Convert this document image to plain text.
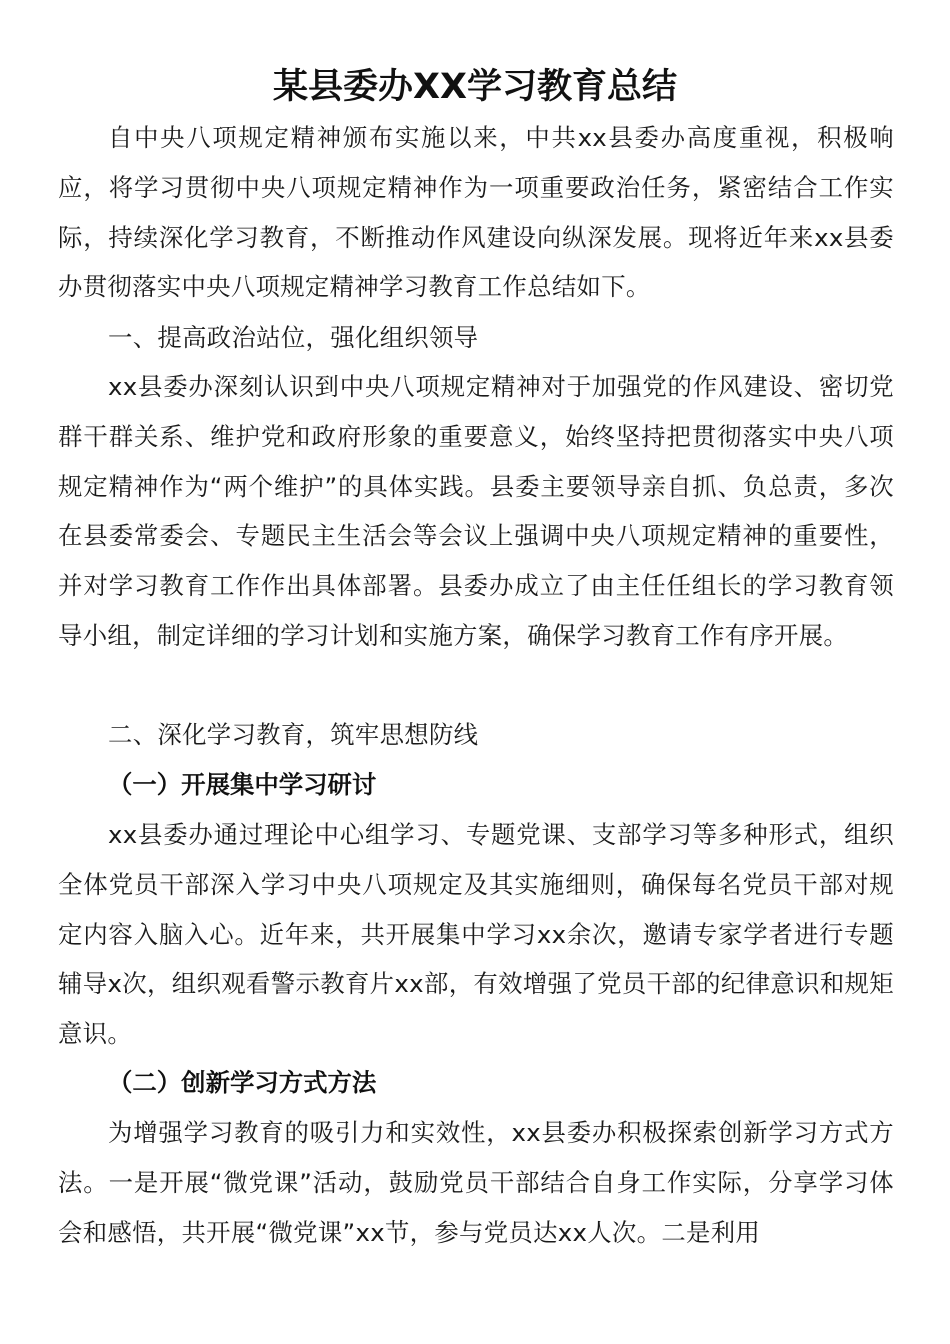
某县委办XX学习教育总结

自中央八项规定精神颁布实施以来，中共xx县委办高度重视，积极响应，将学习贯彻中央八项规定精神作为一项重要政治任务，紧密结合工作实际，持续深化学习教育，不断推动作风建设向纵深发展。现将近年来xx县委办贯彻落实中央八项规定精神学习教育工作总结如下。

一、提高政治站位，强化组织领导

xx县委办深刻认识到中央八项规定精神对于加强党的作风建设、密切党群干群关系、维护党和政府形象的重要意义，始终坚持把贯彻落实中央八项规定精神作为“两个维护”的具体实践。县委主要领导亲自抓、负总责，多次在县委常委会、专题民主生活会等会议上强调中央八项规定精神的重要性，并对学习教育工作作出具体部署。县委办成立了由主任任组长的学习教育领导小组，制定详细的学习计划和实施方案，确保学习教育工作有序开展。

二、深化学习教育，筑牢思想防线

（一）开展集中学习研讨

xx县委办通过理论中心组学习、专题党课、支部学习等多种形式，组织全体党员干部深入学习中央八项规定及其实施细则，确保每名党员干部对规定内容入脑入心。近年来，共开展集中学习xx余次，邀请专家学者进行专题辅导x次，组织观看警示教育片xx部，有效增强了党员干部的纪律意识和规矩意识。

（二）创新学习方式方法

为增强学习教育的吸引力和实效性，xx县委办积极探索创新学习方式方法。一是开展“微党课”活动，鼓励党员干部结合自身工作实际，分享学习体会和感悟，共开展“微党课”xx节，参与党员达xx人次。二是利用
